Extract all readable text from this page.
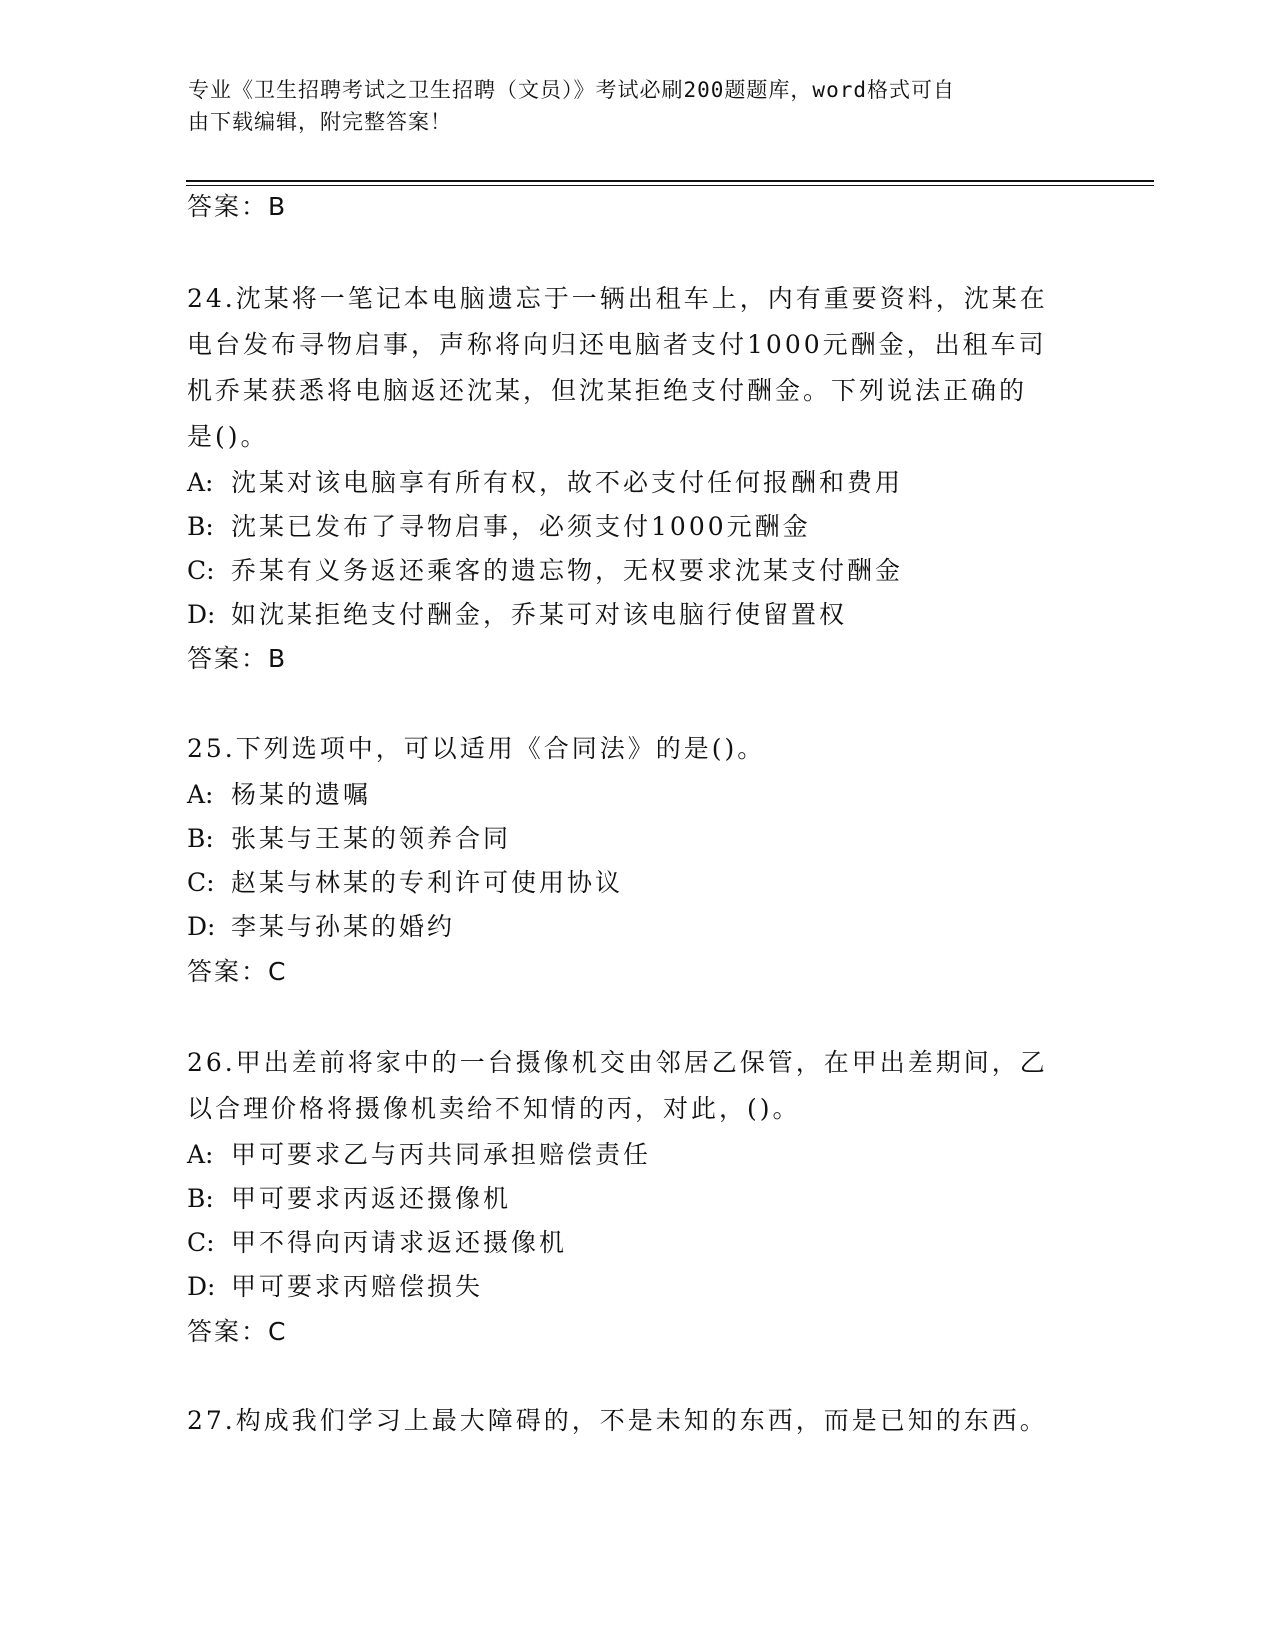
专业《卫生招聘考试之卫生招聘（文员）》考试必刷200题题库，word格式可自
由下载编辑，附完整答案！
答案：B
24.沈某将一笔记本电脑遗忘于一辆出租车上，内有重要资料，沈某在
电台发布寻物启事，声称将向归还电脑者支付1000元酬金，出租车司
机乔某获悉将电脑返还沈某，但沈某拒绝支付酬金。下列说法正确的
是()。
A: 沈某对该电脑享有所有权，故不必支付任何报酬和费用
B: 沈某已发布了寻物启事，必须支付1000元酬金
C: 乔某有义务返还乘客的遗忘物，无权要求沈某支付酬金
D: 如沈某拒绝支付酬金，乔某可对该电脑行使留置权
答案：B
25.下列选项中，可以适用《合同法》的是()。
A: 杨某的遗嘱
B: 张某与王某的领养合同
C: 赵某与林某的专利许可使用协议
D: 李某与孙某的婚约
答案：C
26.甲出差前将家中的一台摄像机交由邻居乙保管，在甲出差期间，乙
以合理价格将摄像机卖给不知情的丙，对此，()。
A: 甲可要求乙与丙共同承担赔偿责任
B: 甲可要求丙返还摄像机
C: 甲不得向丙请求返还摄像机
D: 甲可要求丙赔偿损失
答案：C
27.构成我们学习上最大障碍的，不是未知的东西，而是已知的东西。
